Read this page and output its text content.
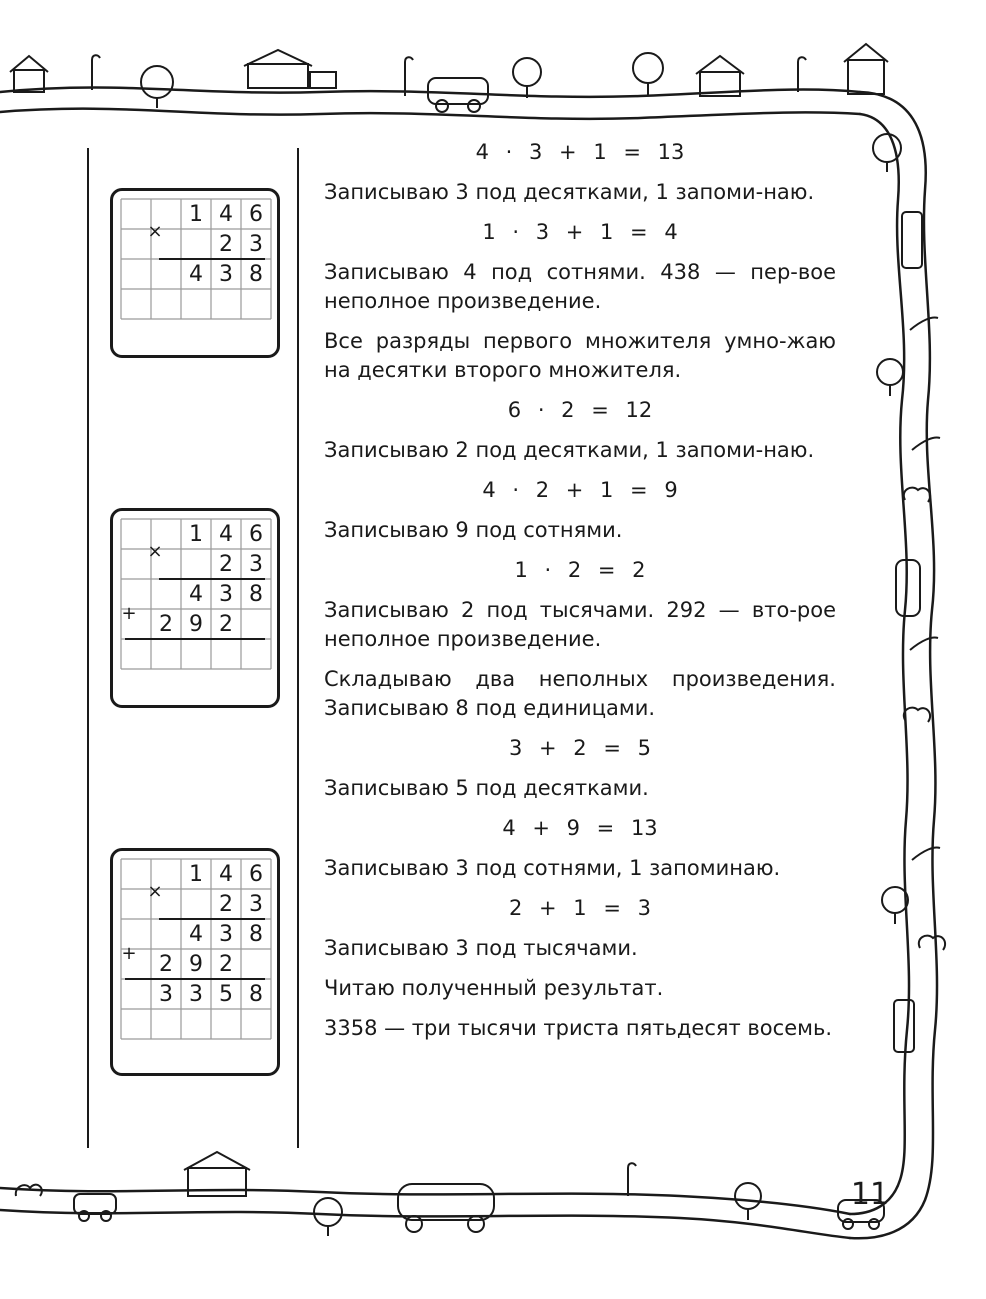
1 4 6
2 3
×
4 3 8
1 4 6
2 3
×
4 3 8
2 9 2
+
1 4 6
2 3
×
4 3 8
2 9 2
+
3 3 5 8
4 · 3 + 1 = 13
Записываю 3 под десятками, 1 запоми-наю.
1 · 3 + 1 = 4
Записываю 4 под сотнями. 438 — пер-вое неполное произведение.
Все разряды первого множителя умно-жаю на десятки второго множителя.
6 · 2 = 12
Записываю 2 под десятками, 1 запоми-наю.
4 · 2 + 1 = 9
Записываю 9 под сотнями.
1 · 2 = 2
Записываю 2 под тысячами. 292 — вто-рое неполное произведение.
Складываю два неполных произведения. Записываю 8 под единицами.
3 + 2 = 5
Записываю 5 под десятками.
4 + 9 = 13
Записываю 3 под сотнями, 1 запоминаю.
2 + 1 = 3
Записываю 3 под тысячами.
Читаю полученный результат.
3358 — три тысячи триста пятьдесят восемь.
11
